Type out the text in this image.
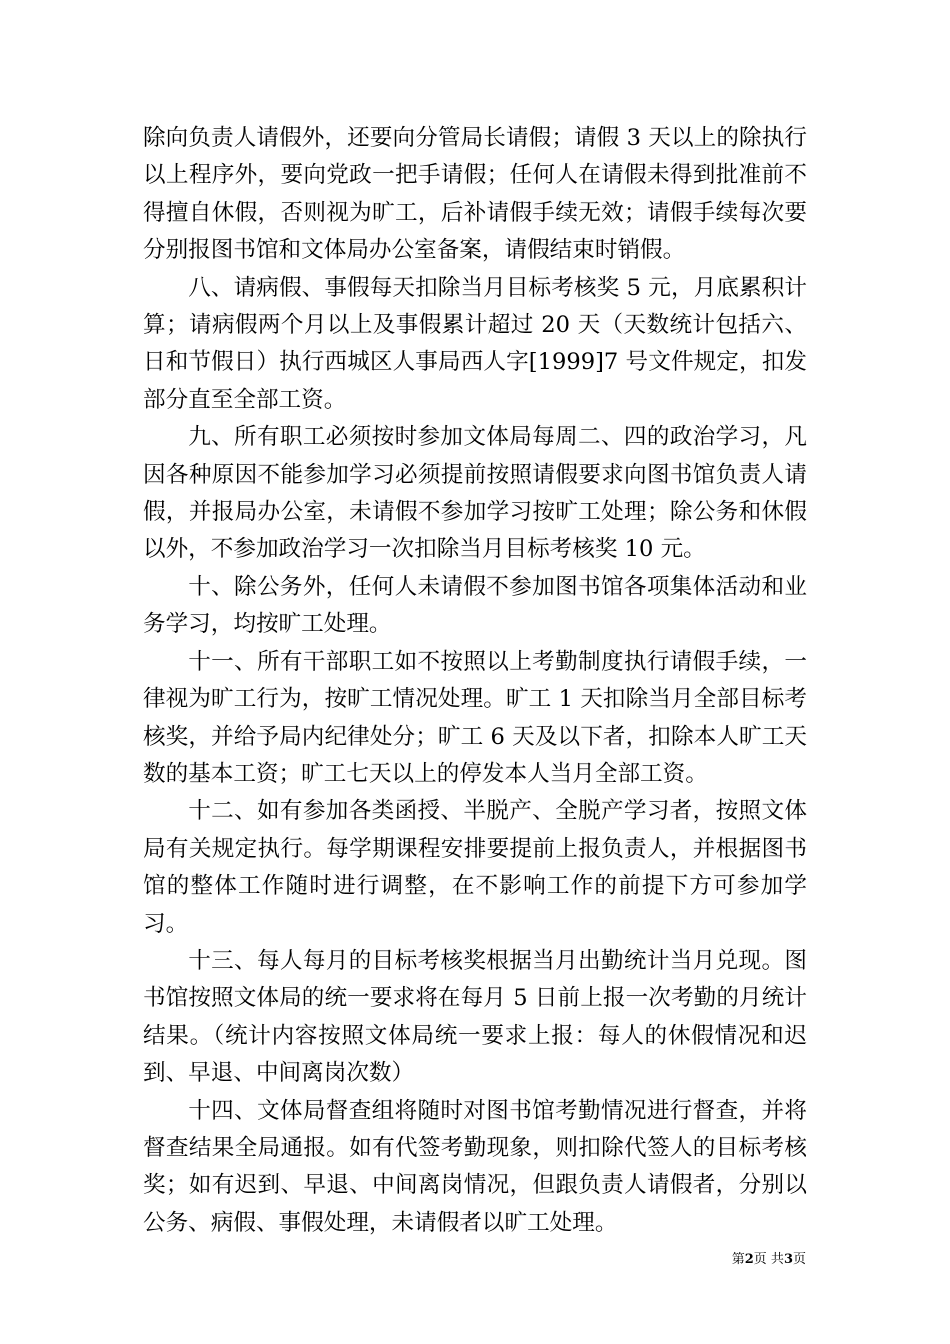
除向负责人请假外，还要向分管局长请假；请假 3 天以上的除执行以上程序外，要向党政一把手请假；任何人在请假未得到批准前不得擅自休假，否则视为旷工，后补请假手续无效；请假手续每次要分别报图书馆和文体局办公室备案，请假结束时销假。

八、请病假、事假每天扣除当月目标考核奖 5 元，月底累积计算；请病假两个月以上及事假累计超过 20 天（天数统计包括六、日和节假日）执行西城区人事局西人字[1999]7 号文件规定，扣发部分直至全部工资。

九、所有职工必须按时参加文体局每周二、四的政治学习，凡因各种原因不能参加学习必须提前按照请假要求向图书馆负责人请假，并报局办公室，未请假不参加学习按旷工处理；除公务和休假以外，不参加政治学习一次扣除当月目标考核奖 10 元。

十、除公务外，任何人未请假不参加图书馆各项集体活动和业务学习，均按旷工处理。

十一、所有干部职工如不按照以上考勤制度执行请假手续，一律视为旷工行为，按旷工情况处理。旷工 1 天扣除当月全部目标考核奖，并给予局内纪律处分；旷工 6 天及以下者，扣除本人旷工天数的基本工资；旷工七天以上的停发本人当月全部工资。

十二、如有参加各类函授、半脱产、全脱产学习者，按照文体局有关规定执行。每学期课程安排要提前上报负责人，并根据图书馆的整体工作随时进行调整，在不影响工作的前提下方可参加学习。

十三、每人每月的目标考核奖根据当月出勤统计当月兑现。图书馆按照文体局的统一要求将在每月 5 日前上报一次考勤的月统计结果。（统计内容按照文体局统一要求上报：每人的休假情况和迟到、早退、中间离岗次数）

十四、文体局督查组将随时对图书馆考勤情况进行督查，并将督查结果全局通报。如有代签考勤现象，则扣除代签人的目标考核奖；如有迟到、早退、中间离岗情况，但跟负责人请假者，分别以公务、病假、事假处理，未请假者以旷工处理。

第2页 共3页
